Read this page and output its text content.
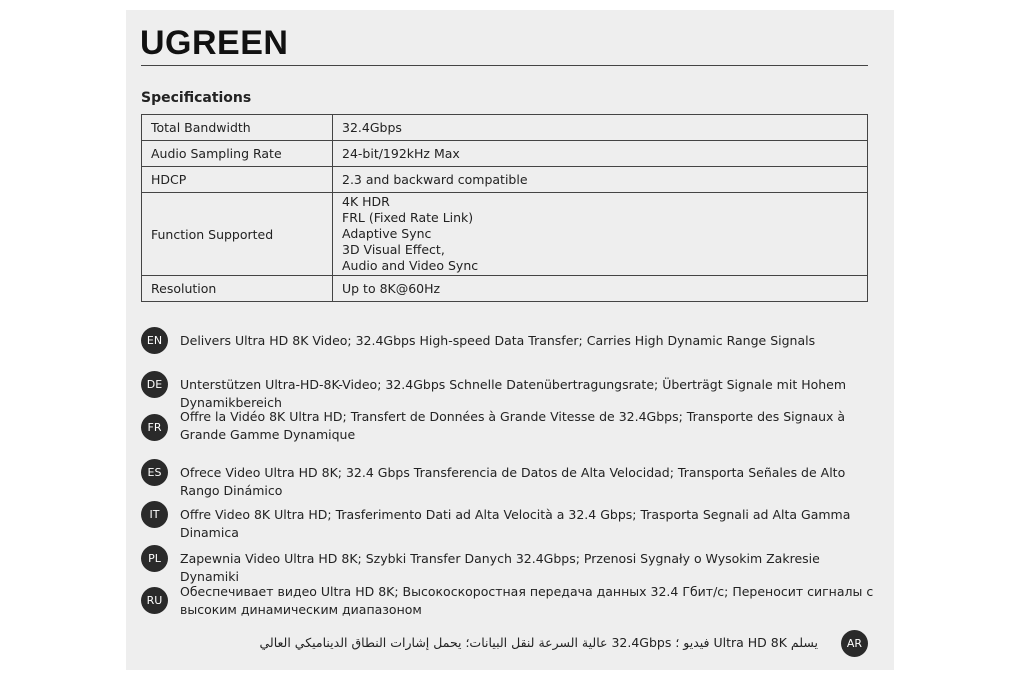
UGREEN
Specifications
Total Bandwidth	32.4Gbps
Audio Sampling Rate	24-bit/192kHz Max
HDCP	2.3 and backward compatible
Function Supported	4K HDR
FRL (Fixed Rate Link)
Adaptive Sync
3D Visual Effect,
Audio and Video Sync

Resolution	Up to 8K@60Hz
EN	Delivers Ultra HD 8K Video; 32.4Gbps High-speed Data Transfer; Carries High Dynamic Range Signals
DE	Unterstützen Ultra-HD-8K-Video; 32.4Gbps Schnelle Datenübertragungsrate; Überträgt Signale mit Hohem Dynamikbereich
FR
Offre la Vidéo 8K Ultra HD; Transfert de Données à Grande Vitesse de 32.4Gbps; Transporte des Signaux à Grande Gamme Dynamique
ES	Ofrece Video Ultra HD 8K; 32.4 Gbps Transferencia de Datos de Alta Velocidad; Transporta Señales de Alto Rango Dinámico
IT	Offre Video 8K Ultra HD; Trasferimento Dati ad Alta Velocità a 32.4 Gbps; Trasporta Segnali ad Alta Gamma Dinamica
PL	Zapewnia Video Ultra HD 8K; Szybki Transfer Danych 32.4Gbps; Przenosi Sygnały o Wysokim Zakresie Dynamiki
RU
Обеспечивает видео Ultra HD 8K; Высокоскоростная передача данных 32.4 Гбит/с; Переносит сигналы с высоким динамическим диапазоном
يسلم Ultra HD 8K فيديو ؛ 32.4Gbps عالية السرعة لنقل البيانات؛ يحمل إشارات النطاق الديناميكي العالي	AR
